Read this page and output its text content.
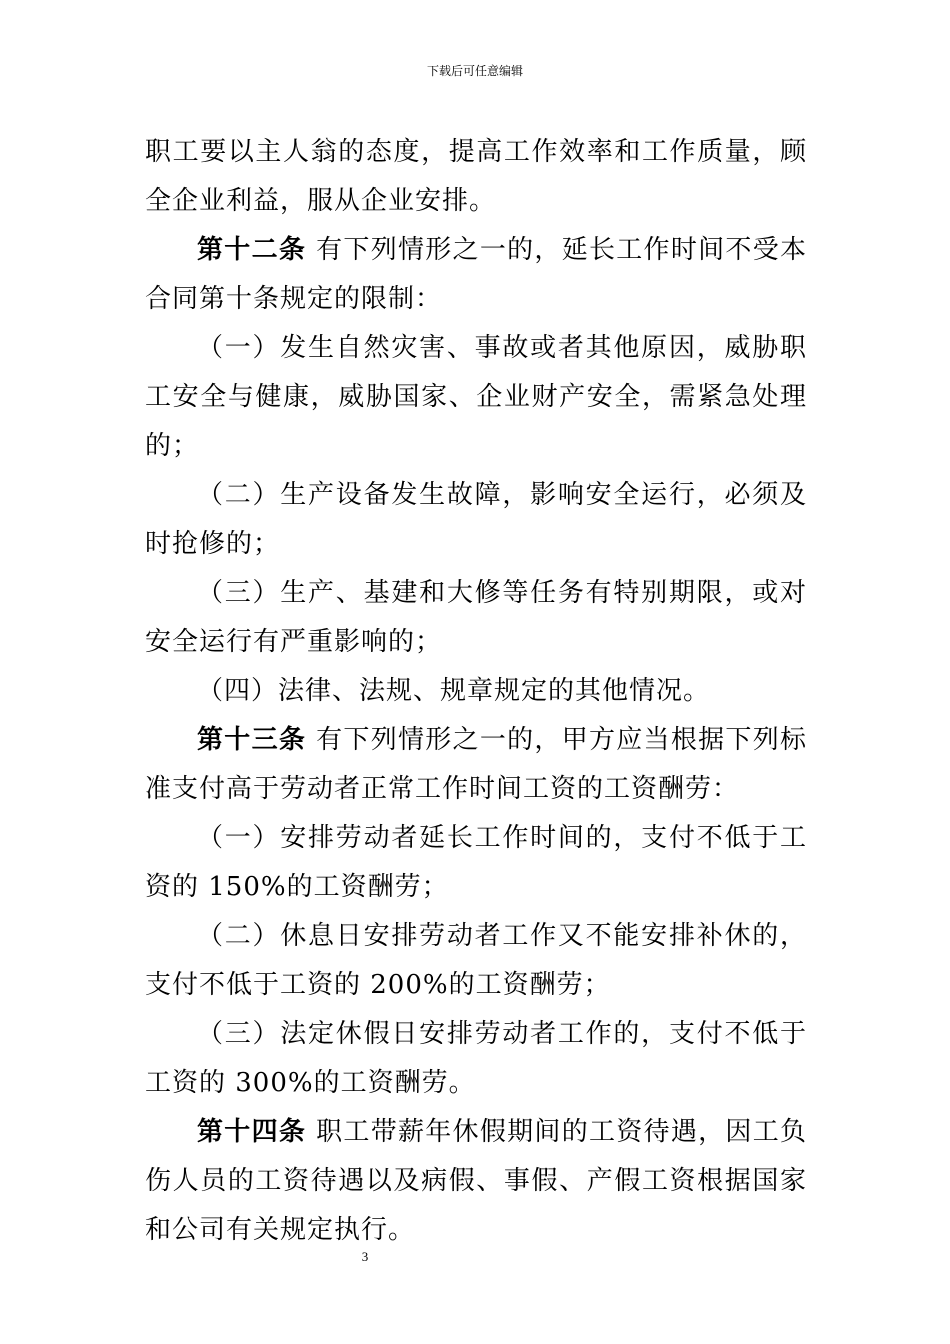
下载后可任意编辑

职工要以主人翁的态度，提高工作效率和工作质量，顾全企业利益，服从企业安排。

第十二条 有下列情形之一的，延长工作时间不受本合同第十条规定的限制：

（一）发生自然灾害、事故或者其他原因，威胁职工安全与健康，威胁国家、企业财产安全，需紧急处理的；

（二）生产设备发生故障，影响安全运行，必须及时抢修的；

（三）生产、基建和大修等任务有特别期限，或对安全运行有严重影响的；

（四）法律、法规、规章规定的其他情况。

第十三条 有下列情形之一的，甲方应当根据下列标准支付高于劳动者正常工作时间工资的工资酬劳：

（一）安排劳动者延长工作时间的，支付不低于工资的 150%的工资酬劳；

（二）休息日安排劳动者工作又不能安排补休的，支付不低于工资的 200%的工资酬劳；

（三）法定休假日安排劳动者工作的，支付不低于工资的 300%的工资酬劳。

第十四条 职工带薪年休假期间的工资待遇，因工负伤人员的工资待遇以及病假、事假、产假工资根据国家和公司有关规定执行。

3
